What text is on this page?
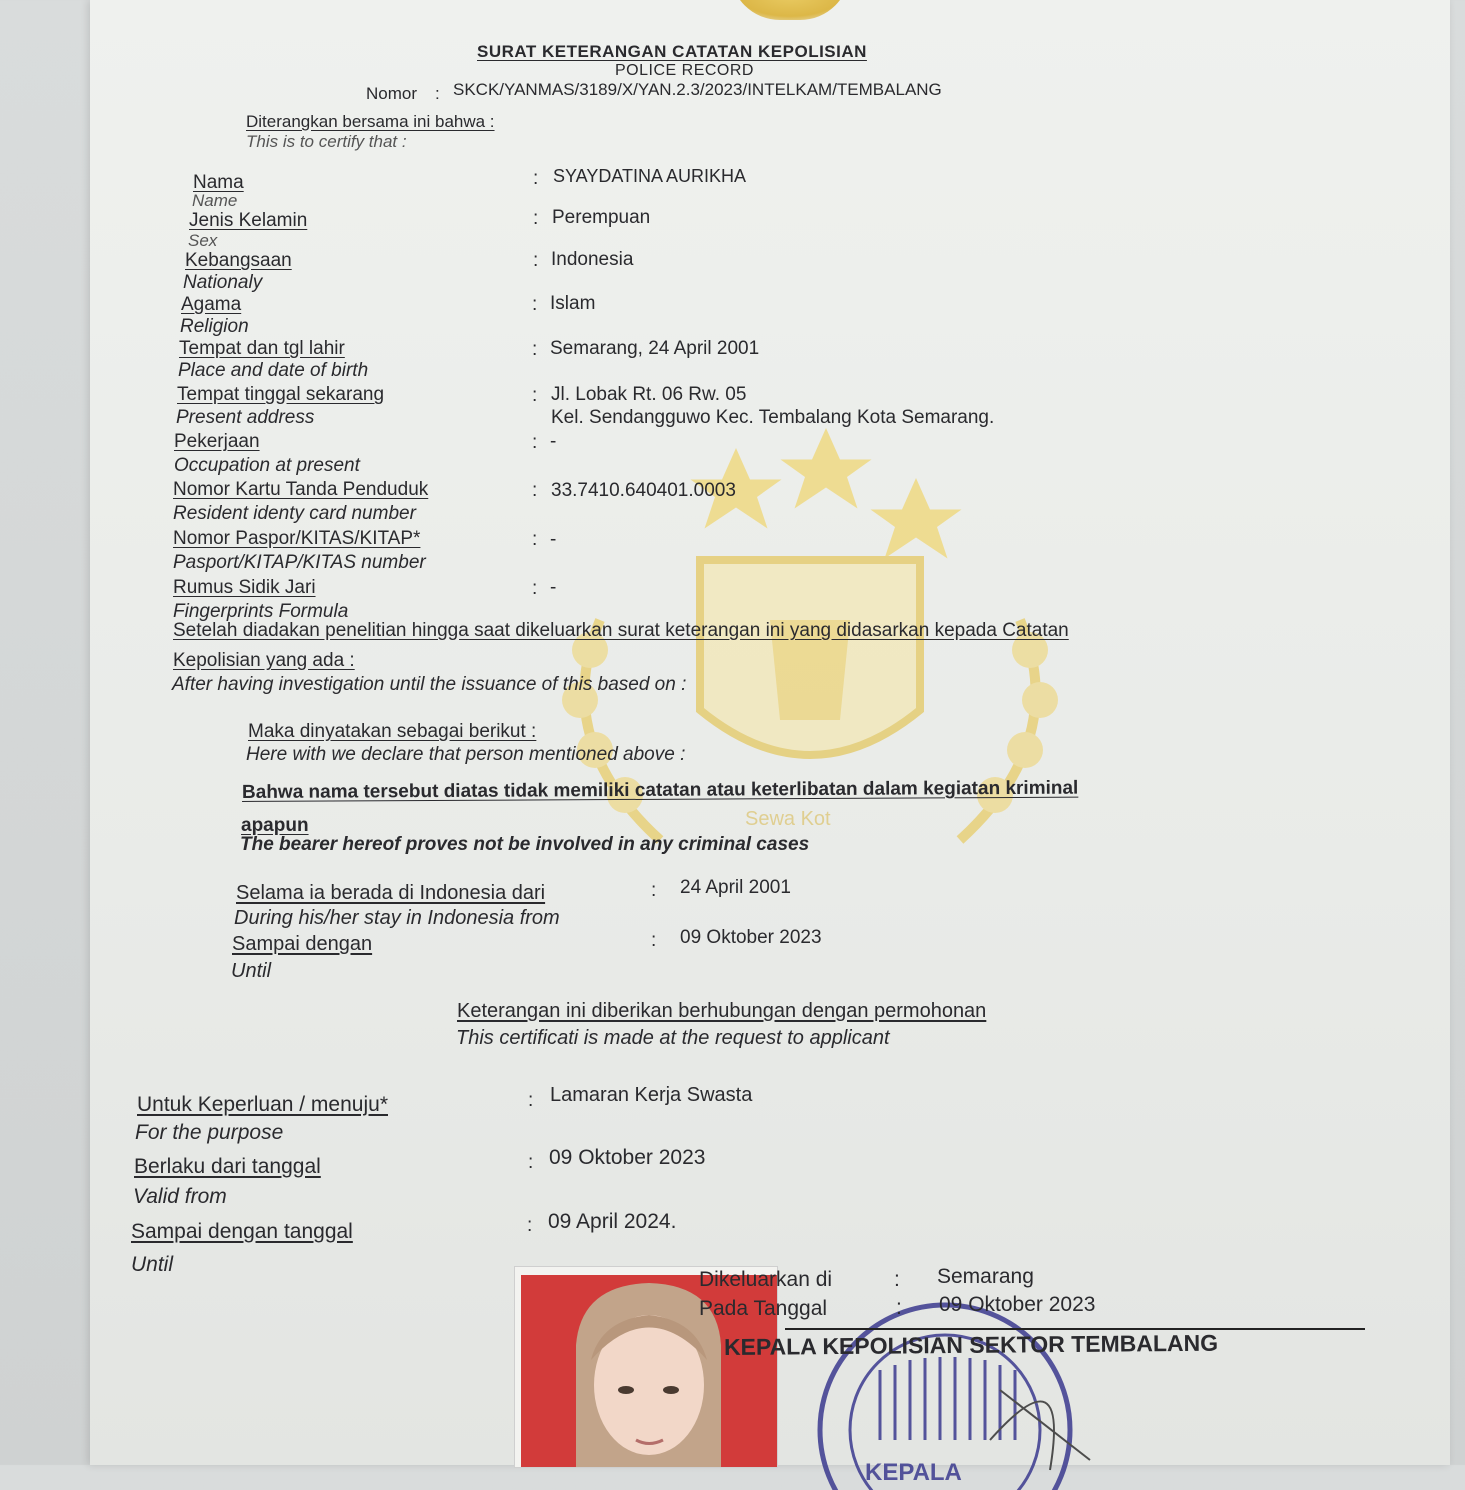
Sewa Kot
SURAT KETERANGAN CATATAN KEPOLISIAN
POLICE RECORD
Nomor : SKCK/YANMAS/3189/X/YAN.2.3/2023/INTELKAM/TEMBALANG
Diterangkan bersama ini bahwa :
This is to certify that :
Nama
Name
: SYAYDATINA AURIKHA
Jenis Kelamin
Sex
: Perempuan
Kebangsaan
Nationaly
: Indonesia
Agama
Religion
: Islam
Tempat dan tgl lahir
Place and date of birth
: Semarang, 24 April 2001
Tempat tinggal sekarang
Present address
: Jl. Lobak Rt. 06 Rw. 05
Kel. Sendangguwo Kec. Tembalang Kota Semarang.
Pekerjaan
Occupation at present
: -
Nomor Kartu Tanda Penduduk
Resident identy card number
: 33.7410.640401.0003
Nomor Paspor/KITAS/KITAP*
Pasport/KITAP/KITAS number
: -
Rumus Sidik Jari
Fingerprints Formula
: -
Setelah diadakan penelitian hingga saat dikeluarkan surat keterangan ini yang didasarkan kepada Catatan
Kepolisian yang ada :
After having investigation until the issuance of this based on :
Maka dinyatakan sebagai berikut :
Here with we declare that person mentioned above :
Bahwa nama tersebut diatas tidak memiliki catatan atau keterlibatan dalam kegiatan kriminal
apapun
The bearer hereof proves not be involved in any criminal cases
Selama ia berada di Indonesia dari
During his/her stay in Indonesia from
: 24 April 2001
Sampai dengan
Until
: 09 Oktober 2023
Keterangan ini diberikan berhubungan dengan permohonan
This certificati is made at the request to applicant
Untuk Keperluan / menuju*
For the purpose
: Lamaran Kerja Swasta
Berlaku dari tanggal
Valid from
: 09 Oktober 2023
Sampai dengan tanggal
Until
: 09 April 2024.
KEPALA
Dikeluarkan di	: Semarang
Pada Tanggal	: 09 Oktober 2023
KEPALA KEPOLISIAN SEKTOR TEMBALANG
